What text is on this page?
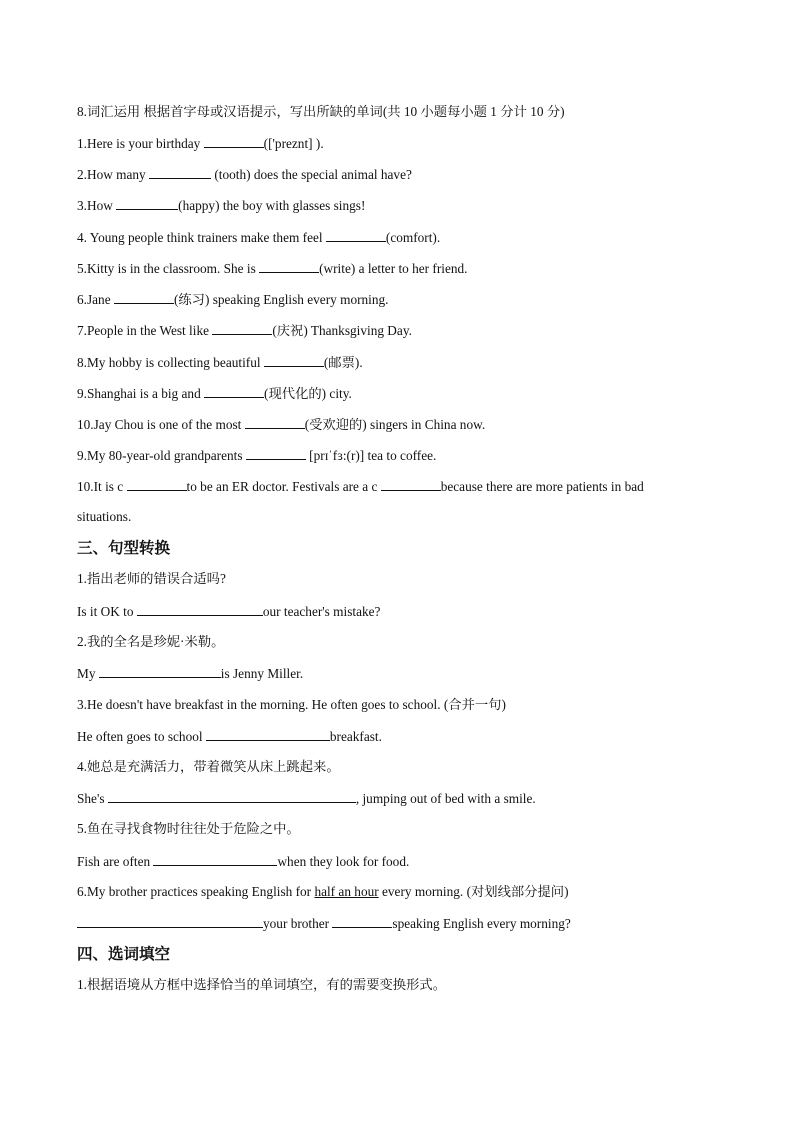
8.词汇运用 根据首字母或汉语提示，写出所缺的单词(共 10 小题每小题 1 分计 10 分)
1.Here is your birthday	(['preznt] ).
2.How many	(tooth) does the special animal have?
3.How	(happy) the boy with glasses sings!
4. Young people think trainers make them feel	(comfort).
5.Kitty is in the classroom. She is	(write) a letter to her friend.
6.Jane	(练习) speaking English every morning.
7.People in the West like	(庆祝) Thanksgiving Day.
8.My hobby is collecting beautiful	(邮票).
9.Shanghai is a big and	(现代化的) city.
10.Jay Chou is one of the most	(受欢迎的) singers in China now.
9.My 80-year-old grandparents	[prɪˈfɜ:(r)] tea to coffee.
10.It is c	to be an ER doctor. Festivals are a c	because there are more patients in bad
situations.
三、句型转换
1.指出老师的错误合适吗?
Is it OK to	our teacher's mistake?
2.我的全名是珍妮·米勒。
My	is Jenny Miller.
3.He doesn't have breakfast in the morning. He often goes to school. (合并一句)
He often goes to school	breakfast.
4.她总是充满活力，带着微笑从床上跳起来。
She's	, jumping out of bed with a smile.
5.鱼在寻找食物时往往处于危险之中。
Fish are often	when they look for food.
6.My brother practices speaking English for half an hour every morning. (对划线部分提问)
your brother	speaking English every morning?
四、选词填空
1.根据语境从方框中选择恰当的单词填空，有的需要变换形式。
